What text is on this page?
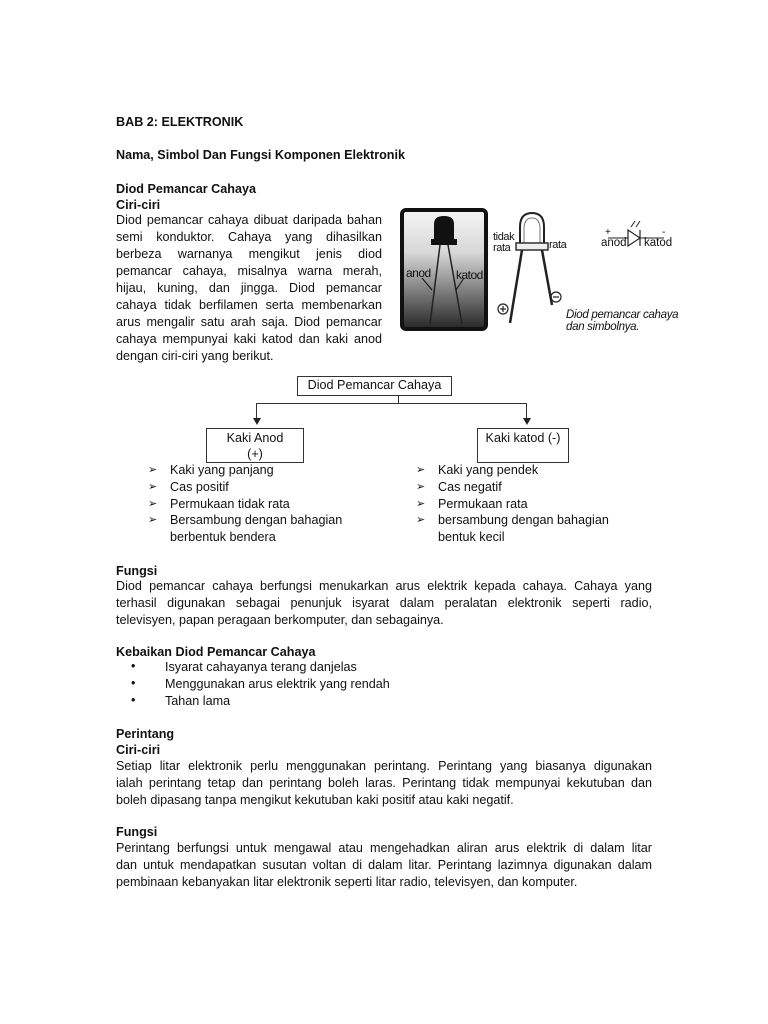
BAB 2: ELEKTRONIK
Nama, Simbol Dan Fungsi Komponen Elektronik
Diod Pemancar Cahaya
Ciri-ciri
Diod pemancar cahaya dibuat daripada bahan
semi konduktor. Cahaya yang dihasilkan
berbeza warnanya mengikut jenis diod
pemancar cahaya, misalnya warna merah,
hijau, kuning, dan jingga. Diod pemancar
cahaya tidak berfilamen serta membenarkan
arus mengalir satu arah saja. Diod pemancar
cahaya mempunyai kaki katod dan kaki anod
dengan ciri-ciri yang berikut.
anod katod
tidak
rata	rata
+	-
anod katod
Diod pemancar cahaya
dan simbolnya.
Diod Pemancar Cahaya
Kaki Anod
(+)
Kaki katod (-)
➢ Kaki yang panjang
➢ Cas positif
➢ Permukaan tidak rata
➢ Bersambung dengan bahagian
berbentuk bendera
➢ Kaki yang pendek
➢ Cas negatif
➢ Permukaan rata
➢ bersambung dengan bahagian
bentuk kecil
Fungsi
Diod pemancar cahaya berfungsi menukarkan arus elektrik kepada cahaya. Cahaya yang
terhasil digunakan sebagai penunjuk isyarat dalam peralatan elektronik seperti radio,
televisyen, papan peragaan berkomputer, dan sebagainya.
Kebaikan Diod Pemancar Cahaya
• Isyarat cahayanya terang danjelas
• Menggunakan arus elektrik yang rendah
• Tahan lama
Perintang
Ciri-ciri
Setiap litar elektronik perlu menggunakan perintang. Perintang yang biasanya digunakan
ialah perintang tetap dan perintang boleh laras. Perintang tidak mempunyai kekutuban dan
boleh dipasang tanpa mengikut kekutuban kaki positif atau kaki negatif.
Fungsi
Perintang berfungsi untuk mengawal atau mengehadkan aliran arus elektrik di dalam litar
dan untuk mendapatkan susutan voltan di dalam litar. Perintang lazimnya digunakan dalam
pembinaan kebanyakan litar elektronik seperti litar radio, televisyen, dan komputer.
